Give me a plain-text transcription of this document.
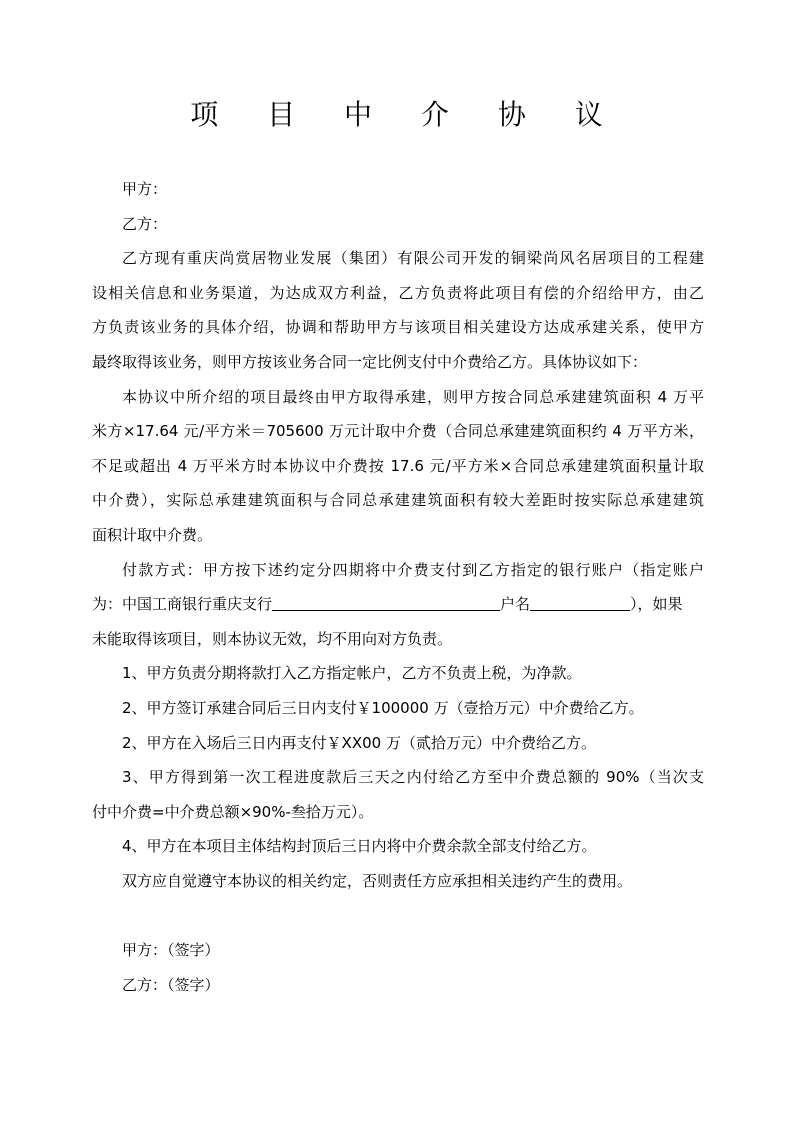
项 目 中 介 协 议
甲方：
乙方：
乙方现有重庆尚赏居物业发展（集团）有限公司开发的铜梁尚风名居项目的工程建
设相关信息和业务渠道，为达成双方利益，乙方负责将此项目有偿的介绍给甲方，由乙
方负责该业务的具体介绍，协调和帮助甲方与该项目相关建设方达成承建关系，使甲方
最终取得该业务，则甲方按该业务合同一定比例支付中介费给乙方。具体协议如下：
本协议中所介绍的项目最终由甲方取得承建，则甲方按合同总承建建筑面积 4 万平
米方×17.64 元/平方米＝705600 万元计取中介费（合同总承建建筑面积约 4 万平方米，
不足或超出 4 万平米方时本协议中介费按 17.6 元/平方米×合同总承建建筑面积量计取
中介费），实际总承建建筑面积与合同总承建建筑面积有较大差距时按实际总承建建筑
面积计取中介费。
付款方式：甲方按下述约定分四期将中介费支付到乙方指定的银行账户（指定账户
为：中国工商银行重庆支行	户名	），如果
未能取得该项目，则本协议无效，均不用向对方负责。
1、甲方负责分期将款打入乙方指定帐户，乙方不负责上税，为净款。
2、甲方签订承建合同后三日内支付￥100000 万（壹拾万元）中介费给乙方。
2、甲方在入场后三日内再支付￥XX00 万（贰拾万元）中介费给乙方。
3、甲方得到第一次工程进度款后三天之内付给乙方至中介费总额的 90%（当次支
付中介费=中介费总额×90%-叁拾万元）。
4、甲方在本项目主体结构封顶后三日内将中介费余款全部支付给乙方。
双方应自觉遵守本协议的相关约定，否则责任方应承担相关违约产生的费用。
甲方：（签字）
乙方：（签字）
